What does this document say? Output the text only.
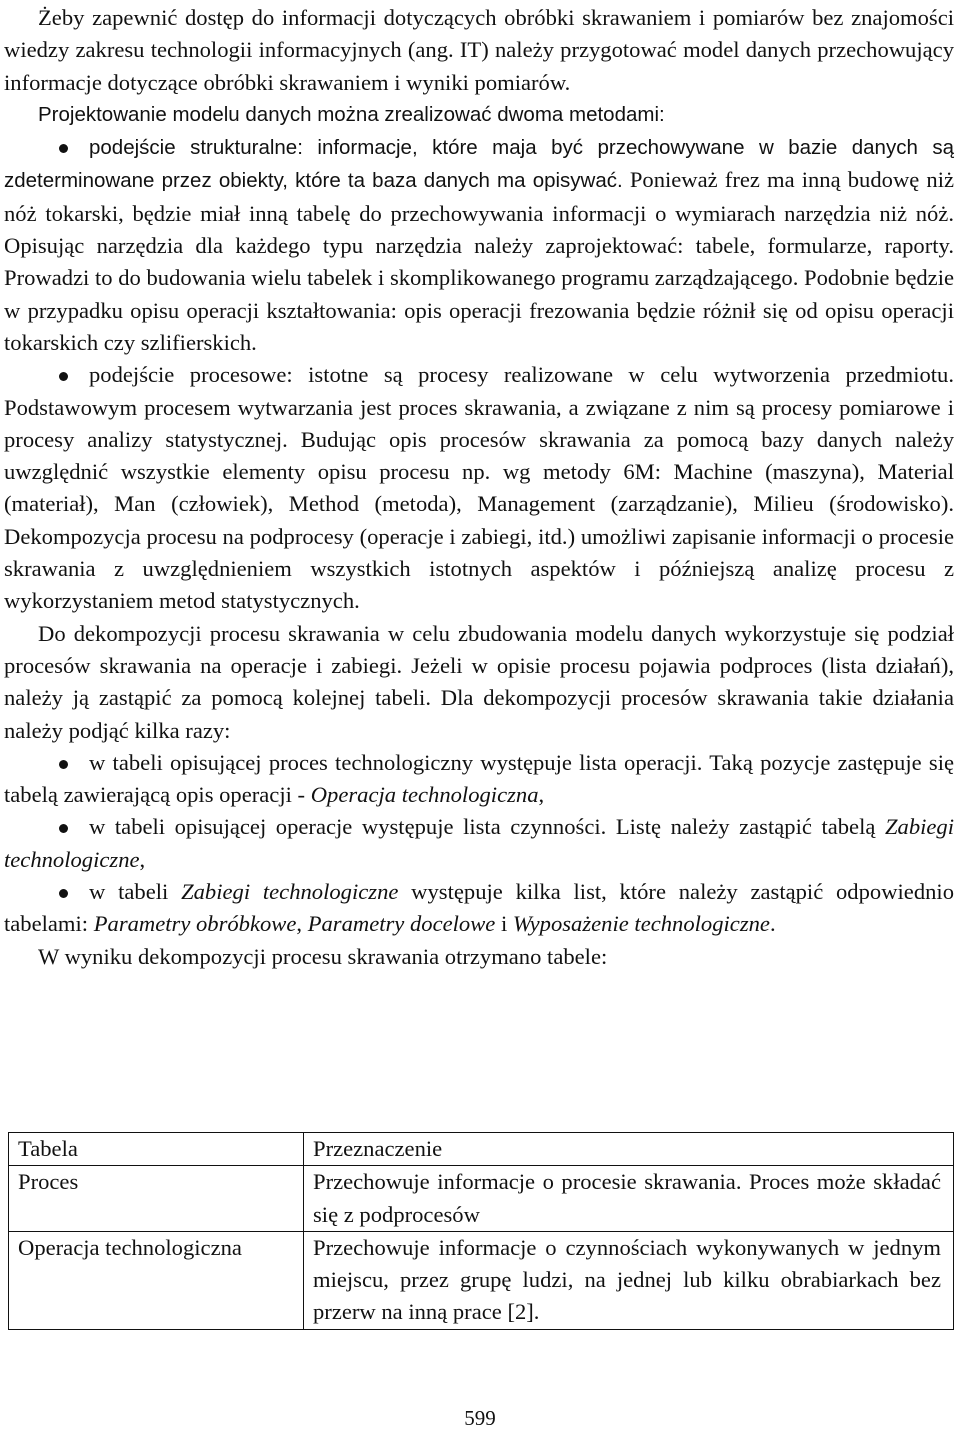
Żeby zapewnić dostęp do informacji dotyczących obróbki skrawaniem i pomiarów bez znajomości wiedzy zakresu technologii informacyjnych (ang. IT) należy przygotować model danych przechowujący informacje dotyczące obróbki skrawaniem i wyniki pomiarów.

Projektowanie modelu danych można zrealizować dwoma metodami:

podejście strukturalne: informacje, które maja być przechowywane w bazie danych są zdeterminowane przez obiekty, które ta baza danych ma opisywać. Ponieważ frez ma inną budowę niż nóż tokarski, będzie miał inną tabelę do przechowywania informacji o wymiarach narzędzia niż nóż. Opisując narzędzia dla każdego typu narzędzia należy zaprojektować: tabele, formularze, raporty. Prowadzi to do budowania wielu tabelek i skomplikowanego programu zarządzającego. Podobnie będzie w przypadku opisu operacji kształtowania: opis operacji frezowania będzie różnił się od opisu operacji tokarskich czy szlifierskich.

podejście procesowe: istotne są procesy realizowane w celu wytworzenia przedmiotu. Podstawowym procesem wytwarzania jest proces skrawania, a związane z nim są procesy pomiarowe i procesy analizy statystycznej. Budując opis procesów skrawania za pomocą bazy danych należy uwzględnić wszystkie elementy opisu procesu np. wg metody 6M: Machine (maszyna), Material (materiał), Man (człowiek), Method (metoda), Management (zarządzanie), Milieu (środowisko). Dekompozycja procesu na podprocesy (operacje i zabiegi, itd.) umożliwi zapisanie informacji o procesie skrawania z uwzględnieniem wszystkich istotnych aspektów i późniejszą analizę procesu z wykorzystaniem metod statystycznych.

Do dekompozycji procesu skrawania w celu zbudowania modelu danych wykorzystuje się podział procesów skrawania na operacje i zabiegi. Jeżeli w opisie procesu pojawia podproces (lista działań), należy ją zastąpić za pomocą kolejnej tabeli. Dla dekompozycji procesów skrawania takie działania należy podjąć kilka razy:

w tabeli opisującej proces technologiczny występuje lista operacji. Taką pozycje zastępuje się tabelą zawierającą opis operacji - Operacja technologiczna,

w tabeli opisującej operacje występuje lista czynności. Listę należy zastąpić tabelą Zabiegi technologiczne,

w tabeli Zabiegi technologiczne występuje kilka list, które należy zastąpić odpowiednio tabelami: Parametry obróbkowe, Parametry docelowe i Wyposażenie technologiczne.

W wyniku dekompozycji procesu skrawania otrzymano tabele:

Tabela	Przeznaczenie
Proces	Przechowuje informacje o procesie skrawania. Proces może składać się z podprocesów
Operacja technologiczna	Przechowuje informacje o czynnościach wykonywanych w jednym miejscu, przez grupę ludzi, na jednej lub kilku obrabiarkach bez przerw na inną prace [2].
599
